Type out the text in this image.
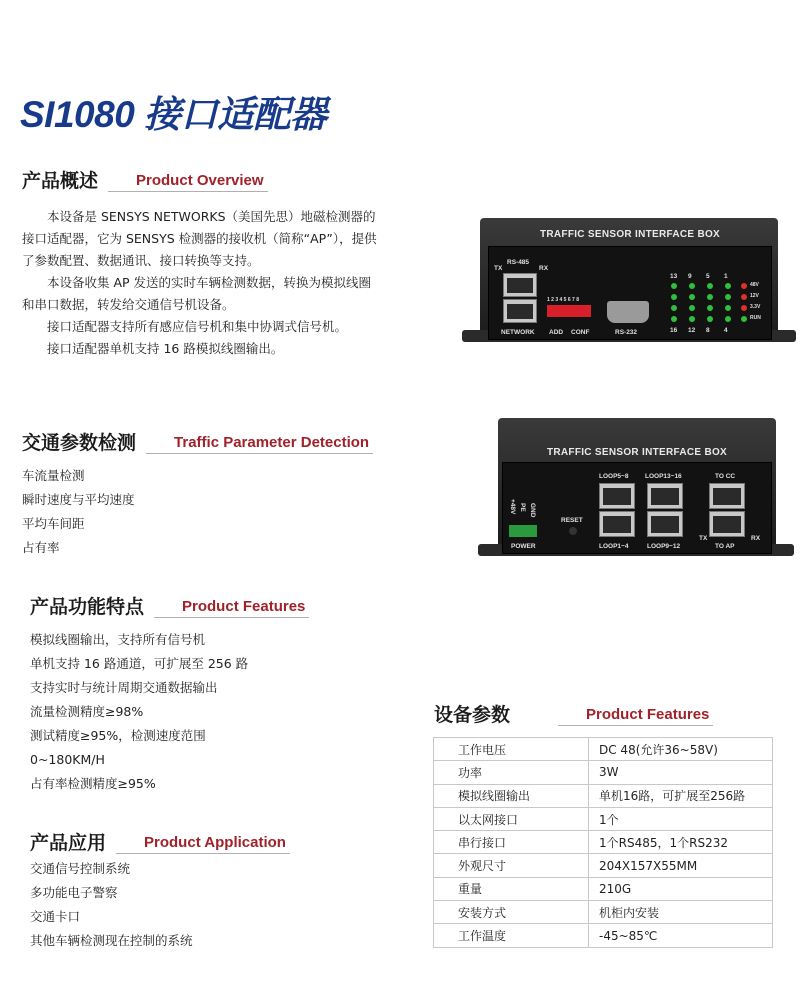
SI1080 接口适配器
产品概述	Product Overview

本设备是 SENSYS NETWORKS（美国先思）地磁检测器的接口适配器，它为 SENSYS 检测器的接收机（简称“AP”），提供了参数配置、数据通讯、接口转换等支持。

本设备收集 AP 发送的实时车辆检测数据，转换为模拟线圈和串口数据，转发给交通信号机设备。

接口适配器支持所有感应信号机和集中协调式信号机。

接口适配器单机支持 16 路模拟线圈输出。

TRAFFIC SENSOR INTERFACE BOX
TX
RS-485
RX
NETWORK
1 2 3 4 5 6 7 8
ADD CONF	RS-232
13 9 5 1
16 12 8 4
48V
12V
3.3V
RUN
交通参数检测	Traffic Parameter Detection
车流量检测
瞬时速度与平均速度
平均车间距
占有率
TRAFFIC SENSOR INTERFACE BOX
+48V PE GND
POWER
RESET
LOOP5~8	LOOP13~16	TO CC
LOOP1~4	LOOP9~12
TX
TO AP
RX
产品功能特点	Product Features
模拟线圈输出，支持所有信号机
单机支持 16 路通道，可扩展至 256 路
支持实时与统计周期交通数据输出
流量检测精度≥98%
测试精度≥95%，检测速度范围
0~180KM/H
占有率检测精度≥95%
产品应用	Product Application
交通信号控制系统
多功能电子警察
交通卡口
其他车辆检测现在控制的系统
设备参数	Product Features
工作电压	DC 48(允许36~58V)
功率	3W
模拟线圈输出	单机16路，可扩展至256路
以太网接口	1个
串行接口	1个RS485，1个RS232
外观尺寸	204X157X55MM
重量	210G
安装方式	机柜内安装
工作温度	-45~85℃
